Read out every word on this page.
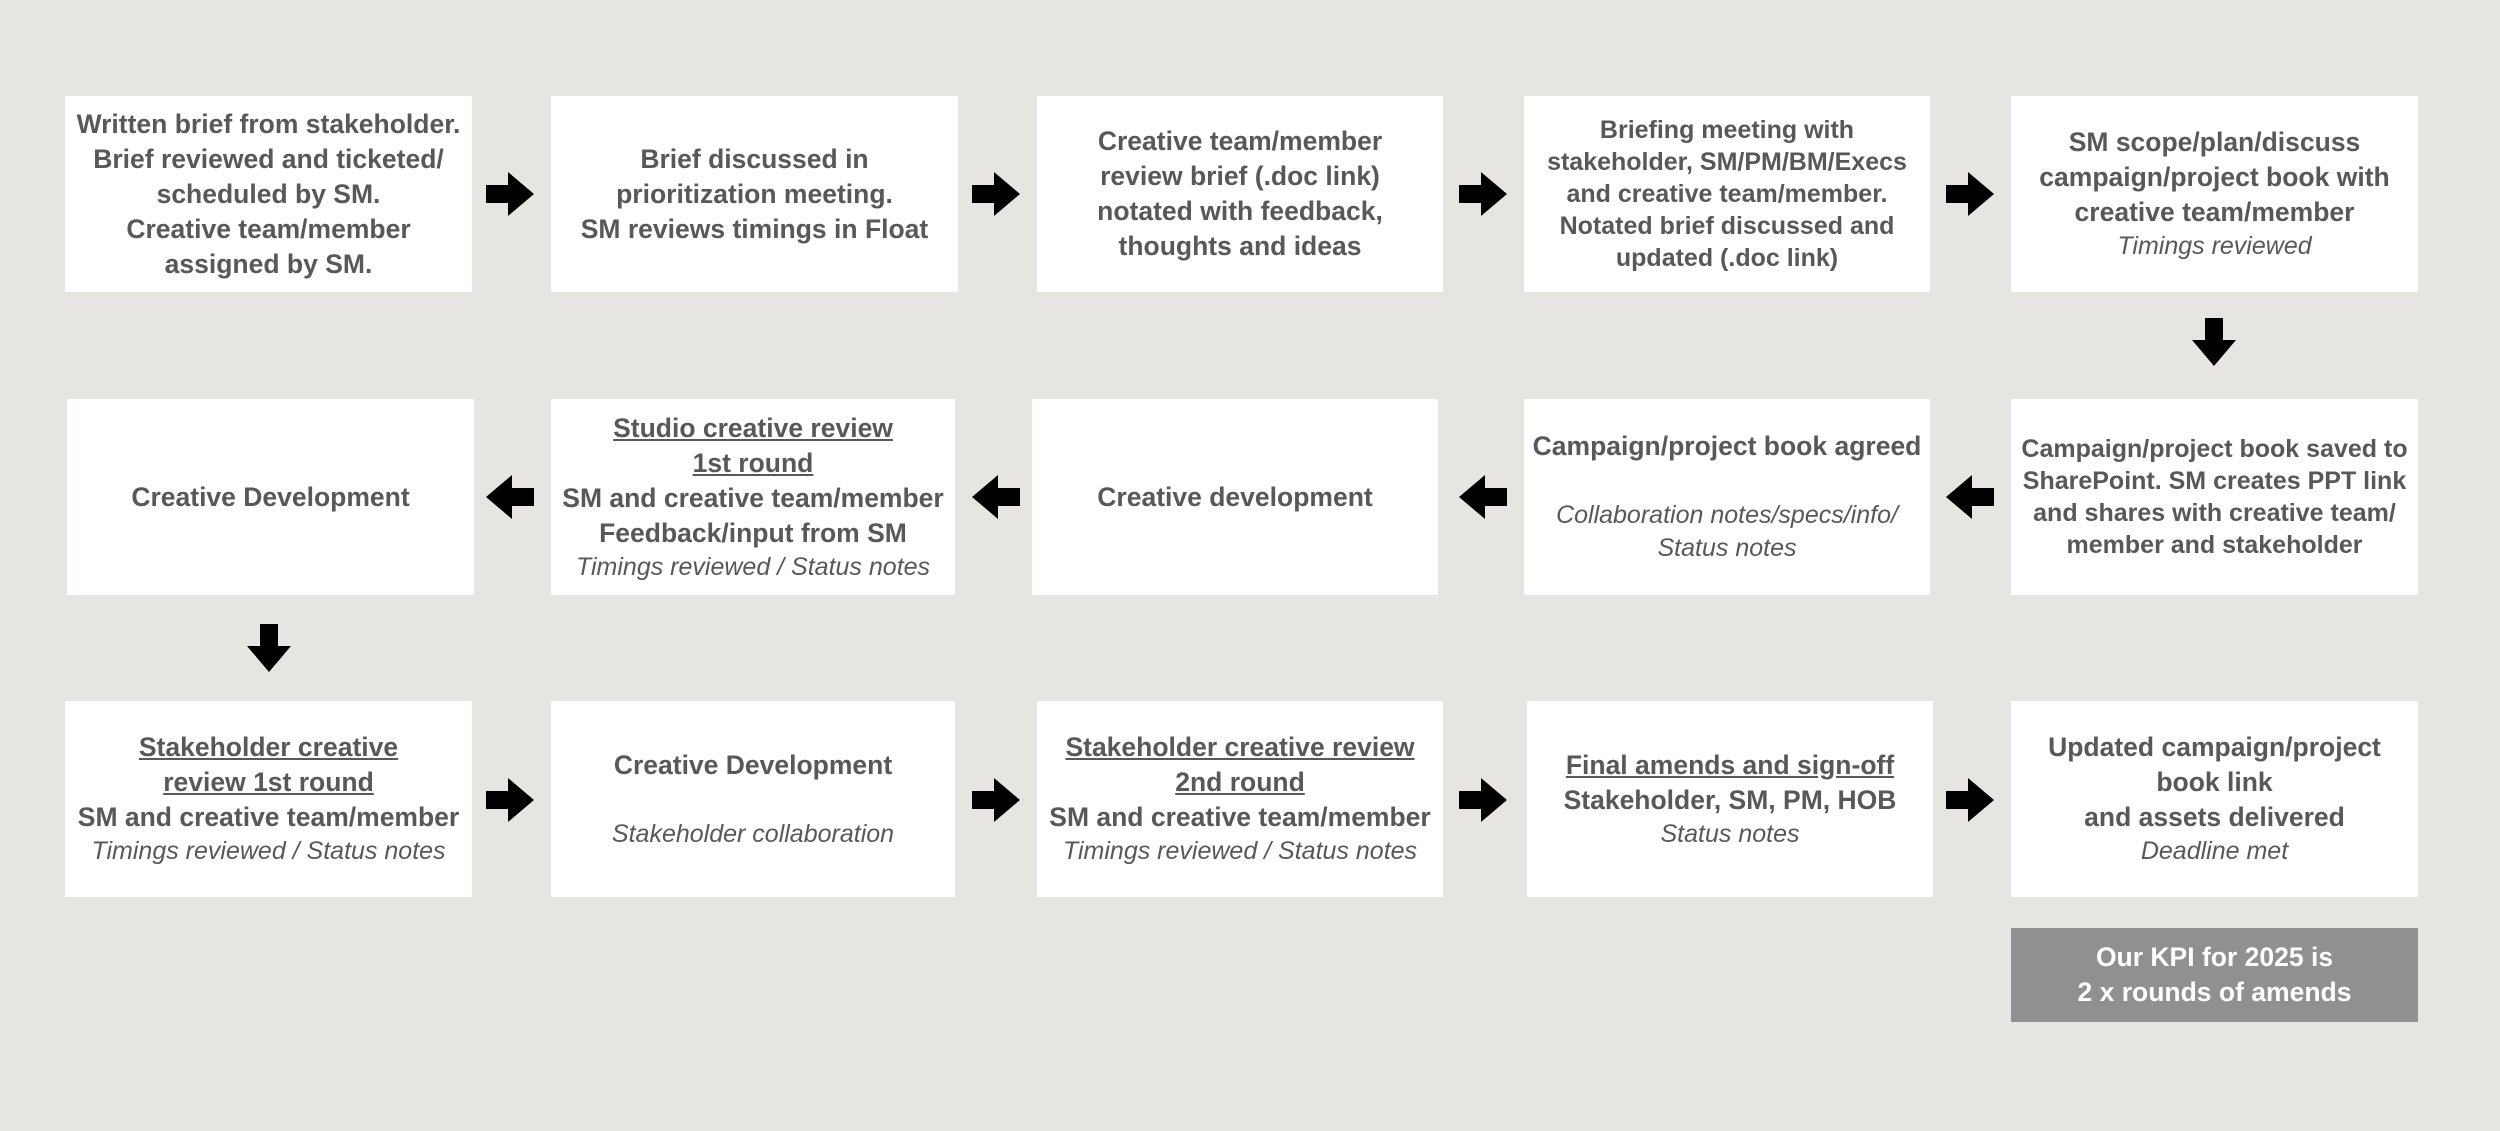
Written brief from stakeholder.
Brief reviewed and ticketed/
scheduled by SM.
Creative team/member
assigned by SM.
Brief discussed in
prioritization meeting.
SM reviews timings in Float
Creative team/member
review brief (.doc link)
notated with feedback,
thoughts and ideas
Briefing meeting with
stakeholder, SM/PM/BM/Execs
and creative team/member.
Notated brief discussed and
updated (.doc link)
SM scope/plan/discuss
campaign/project book with
creative team/member
Timings reviewed
Campaign/project book saved to
SharePoint. SM creates PPT link
and shares with creative team/
member and stakeholder
Campaign/project book agreed
Collaboration notes/specs/info/
Status notes
Creative development
Studio creative review
1st round
SM and creative team/member
Feedback/input from SM
Timings reviewed / Status notes
Creative Development
Stakeholder creative
review 1st round
SM and creative team/member
Timings reviewed / Status notes
Creative Development
Stakeholder collaboration
Stakeholder creative review
2nd round
SM and creative team/member
Timings reviewed / Status notes
Final amends and sign-off
Stakeholder, SM, PM, HOB
Status notes
Updated campaign/project
book link
and assets delivered
Deadline met
Our KPI for 2025 is
2 x rounds of amends
